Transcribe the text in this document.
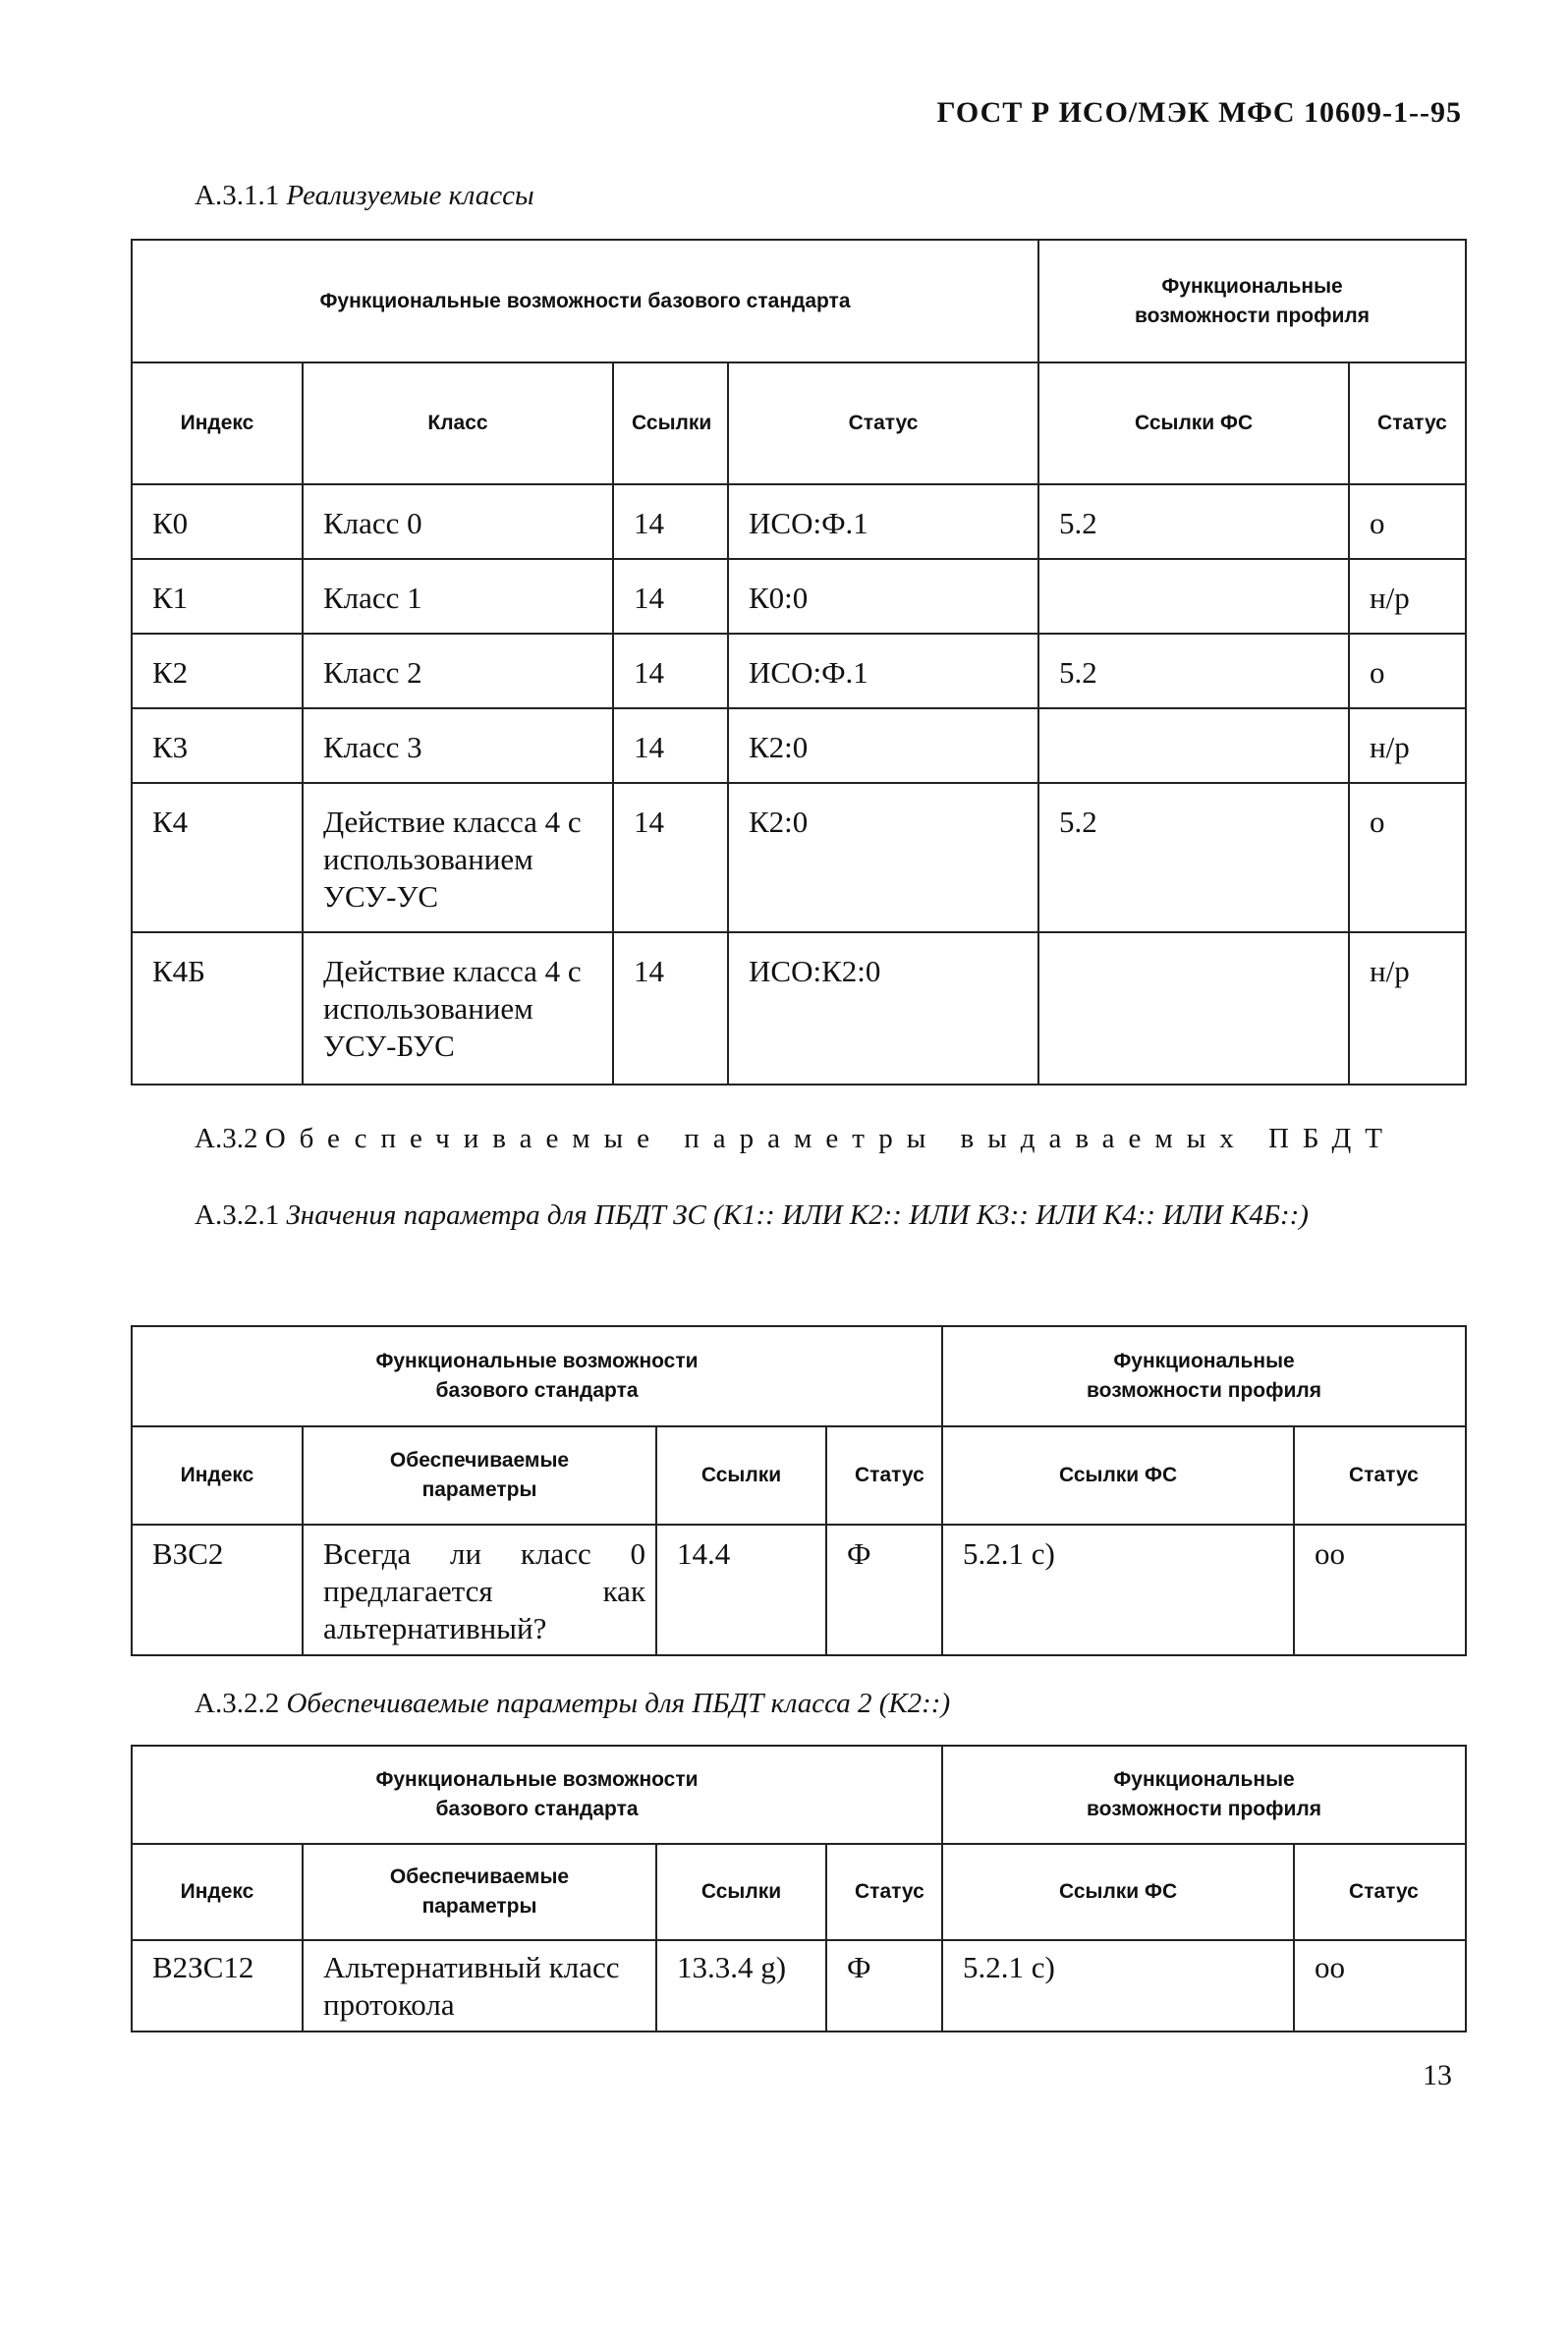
ГОСТ Р ИСО/МЭК МФС 10609-1--95
А.3.1.1 Реализуемые классы
Функциональные возможности базового стандарта				Функциональные возможности профиля	
Индекс	Класс	Ссылки	Статус	Ссылки ФС	Статус
К0	Класс 0	14	ИСО:Ф.1	5.2	о
К1	Класс 1	14	К0:0		н/р
К2	Класс 2	14	ИСО:Ф.1	5.2	о
К3	Класс 3	14	К2:0		н/р
К4	Действие класса 4 с использованием УСУ-УС	14	К2:0	5.2	о
К4Б	Действие класса 4 с использованием УСУ-БУС	14	ИСО:К2:0		н/р
А.3.2 Обеспечиваемые параметры выдаваемых ПБДТ
А.3.2.1 Значения параметра для ПБДТ ЗС (К1:: ИЛИ К2:: ИЛИ К3:: ИЛИ К4:: ИЛИ К4Б::)
Функциональные возможности базового стандарта				Функциональные возможности профиля	
Индекс	Обеспечиваемые параметры	Ссылки	Статус	Ссылки ФС	Статус
ВЗС2	Всегда ли класс 0 предлагается как альтернативный?	14.4	Ф	5.2.1 с)	оо
А.3.2.2 Обеспечиваемые параметры для ПБДТ класса 2 (К2::)
Функциональные возможности базового стандарта				Функциональные возможности профиля	
Индекс	Обеспечиваемые параметры	Ссылки	Статус	Ссылки ФС	Статус
В2ЗС12	Альтернативный класс протокола	13.3.4 g)	Ф	5.2.1 с)	оо
13
